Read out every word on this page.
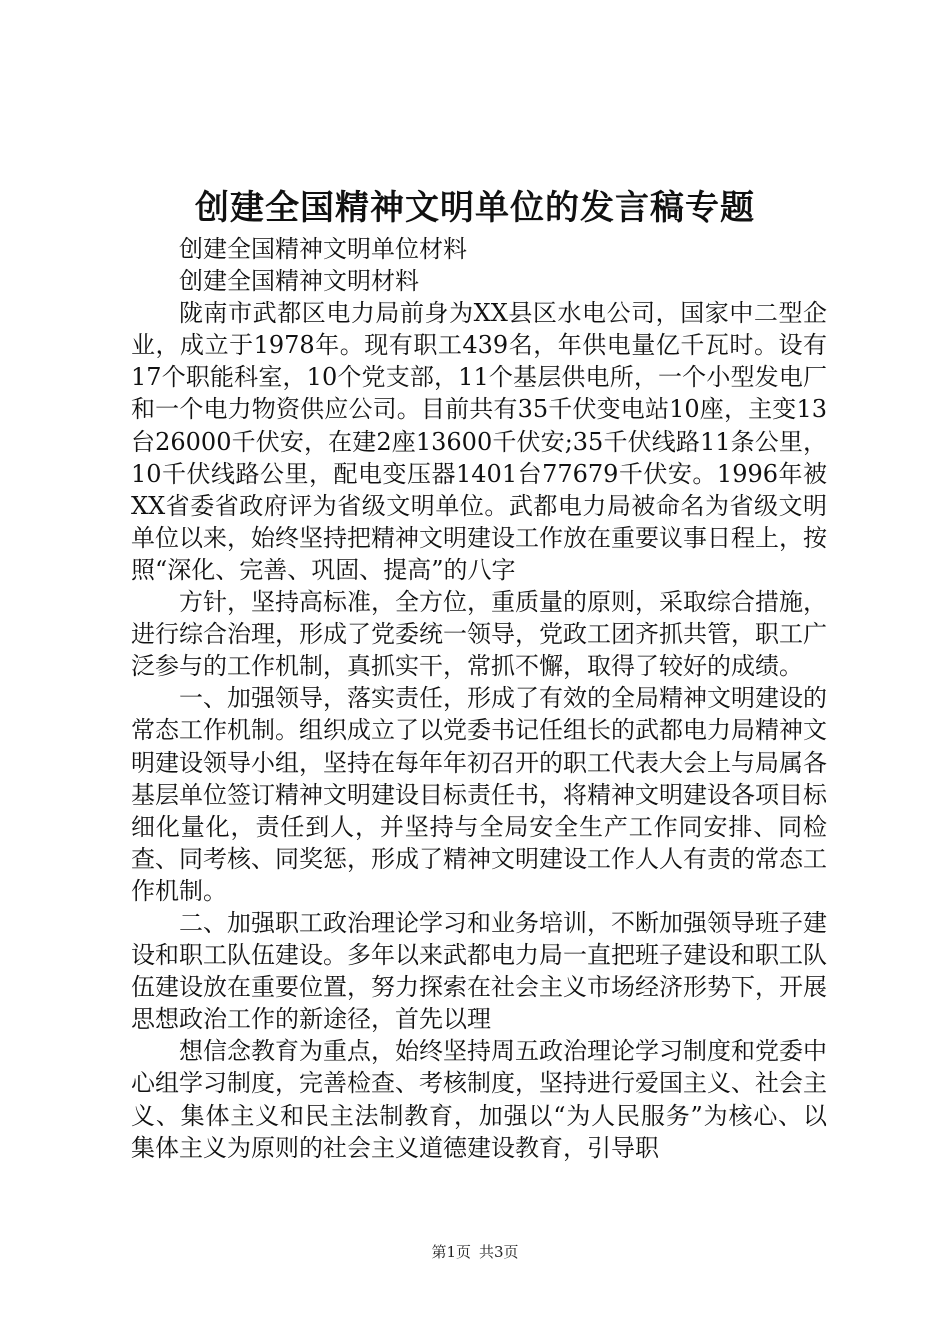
创建全国精神文明单位的发言稿专题

创建全国精神文明单位材料

创建全国精神文明材料

陇南市武都区电力局前身为XX县区水电公司，国家中二型企业，成立于1978年。现有职工439名，年供电量亿千瓦时。设有17个职能科室，10个党支部，11个基层供电所，一个小型发电厂和一个电力物资供应公司。目前共有35千伏变电站10座，主变13台26000千伏安，在建2座13600千伏安;35千伏线路11条公里，10千伏线路公里，配电变压器1401台77679千伏安。1996年被XX省委省政府评为省级文明单位。武都电力局被命名为省级文明单位以来，始终坚持把精神文明建设工作放在重要议事日程上，按照“深化、完善、巩固、提高”的八字

方针，坚持高标准，全方位，重质量的原则，采取综合措施，进行综合治理，形成了党委统一领导，党政工团齐抓共管，职工广泛参与的工作机制，真抓实干，常抓不懈，取得了较好的成绩。

一、加强领导，落实责任，形成了有效的全局精神文明建设的常态工作机制。组织成立了以党委书记任组长的武都电力局精神文明建设领导小组，坚持在每年年初召开的职工代表大会上与局属各基层单位签订精神文明建设目标责任书，将精神文明建设各项目标细化量化，责任到人，并坚持与全局安全生产工作同安排、同检查、同考核、同奖惩，形成了精神文明建设工作人人有责的常态工作机制。

二、加强职工政治理论学习和业务培训，不断加强领导班子建设和职工队伍建设。多年以来武都电力局一直把班子建设和职工队伍建设放在重要位置，努力探索在社会主义市场经济形势下，开展思想政治工作的新途径，首先以理

想信念教育为重点，始终坚持周五政治理论学习制度和党委中心组学习制度，完善检查、考核制度，坚持进行爱国主义、社会主义、集体主义和民主法制教育，加强以“为人民服务”为核心、以集体主义为原则的社会主义道德建设教育，引导职

第1页 共3页
